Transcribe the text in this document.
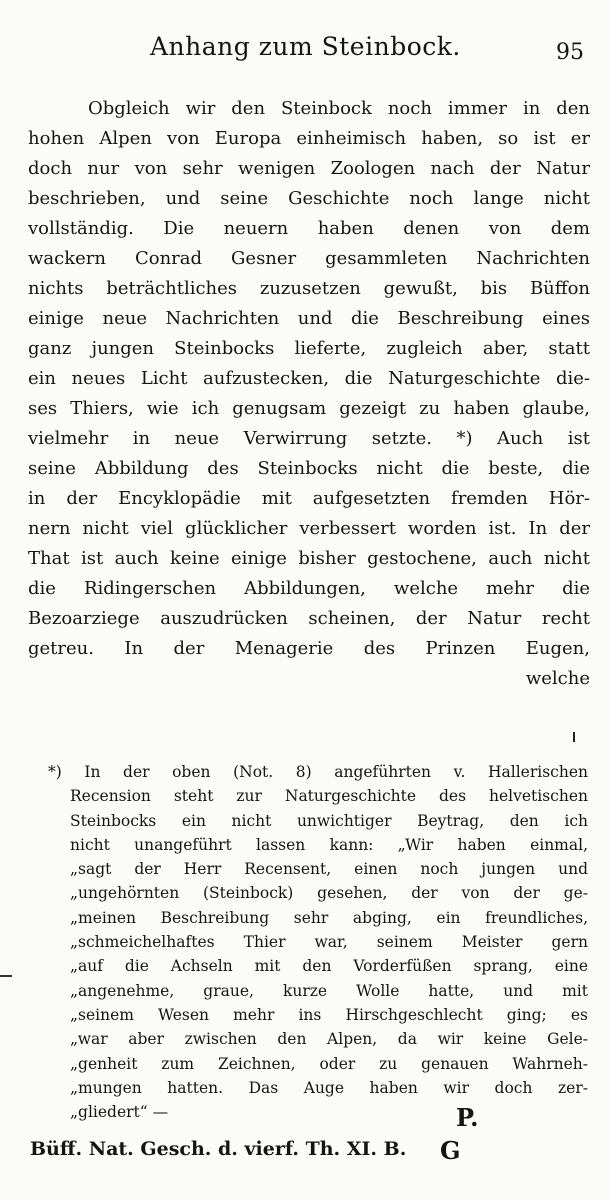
Anhang zum Steinbock.	95
Obgleich wir den Steinbock noch immer in den
hohen Alpen von Europa einheimisch haben, so ist er
doch nur von sehr wenigen Zoologen nach der Natur
beschrieben, und seine Geschichte noch lange nicht
vollständig. Die neuern haben denen von dem
wackern Conrad Gesner gesammleten Nachrichten
nichts beträchtliches zuzusetzen gewußt, bis Büffon
einige neue Nachrichten und die Beschreibung eines
ganz jungen Steinbocks lieferte, zugleich aber, statt
ein neues Licht aufzustecken, die Naturgeschichte die-
ses Thiers, wie ich genugsam gezeigt zu haben glaube,
vielmehr in neue Verwirrung setzte. *) Auch ist
seine Abbildung des Steinbocks nicht die beste, die
in der Encyklopädie mit aufgesetzten fremden Hör-
nern nicht viel glücklicher verbessert worden ist. In der
That ist auch keine einige bisher gestochene, auch nicht
die Ridingerschen Abbildungen, welche mehr die
Bezoarziege auszudrücken scheinen, der Natur recht
getreu. In der Menagerie des Prinzen Eugen,
welche
*) In der oben (Not. 8) angeführten v. Hallerischen
Recension steht zur Naturgeschichte des helvetischen
Steinbocks ein nicht unwichtiger Beytrag, den ich
nicht unangeführt lassen kann: „Wir haben einmal,
„sagt der Herr Recensent, einen noch jungen und
„ungehörnten (Steinbock) gesehen, der von der ge-
„meinen Beschreibung sehr abging, ein freundliches,
„schmeichelhaftes Thier war, seinem Meister gern
„auf die Achseln mit den Vorderfüßen sprang, eine
„angenehme, graue, kurze Wolle hatte, und mit
„seinem Wesen mehr ins Hirschgeschlecht ging; es
„war aber zwischen den Alpen, da wir keine Gele-
„genheit zum Zeichnen, oder zu genauen Wahrneh-
„mungen hatten. Das Auge haben wir doch zer-
„gliedert“ —	P.
Büff. Nat. Gesch. d. vierf. Th. XI. B. G
